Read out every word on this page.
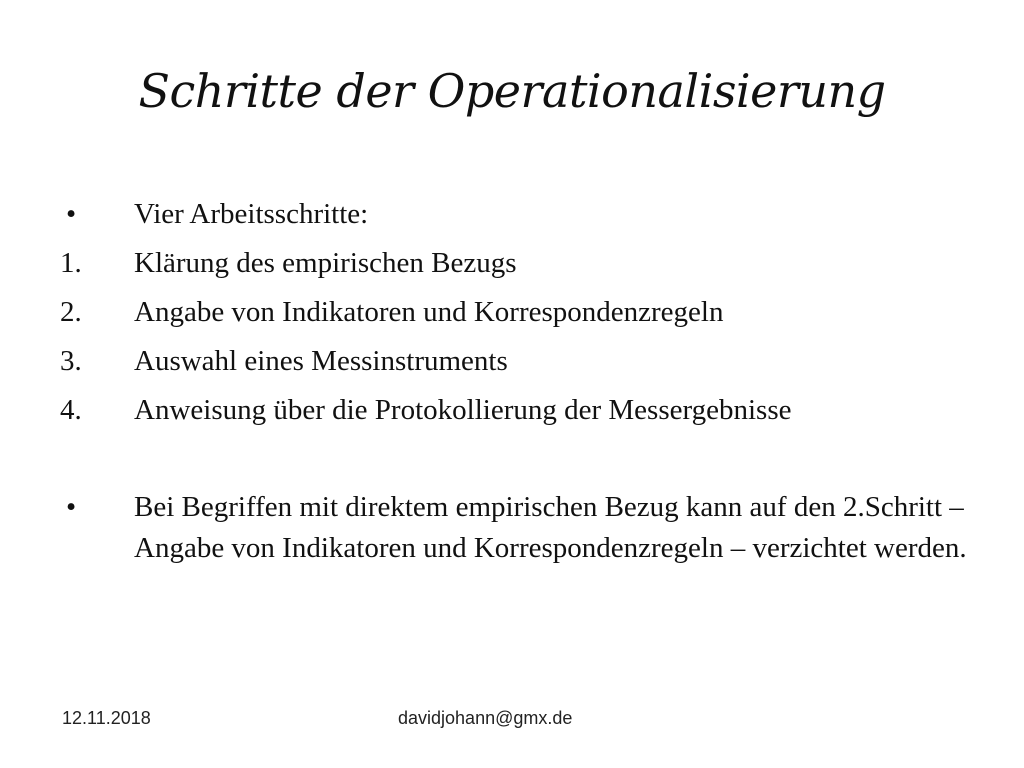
Schritte der Operationalisierung
•	Vier Arbeitsschritte:
1.	Klärung des empirischen Bezugs
2.	Angabe von Indikatoren und Korrespondenzregeln
3.	Auswahl eines Messinstruments
4.	Anweisung über die Protokollierung der Messergebnisse
•	Bei Begriffen mit direktem empirischen Bezug kann auf den 2.Schritt – Angabe von Indikatoren und Korrespondenzregeln – verzichtet werden.
12.11.2018	davidjohann@gmx.de
